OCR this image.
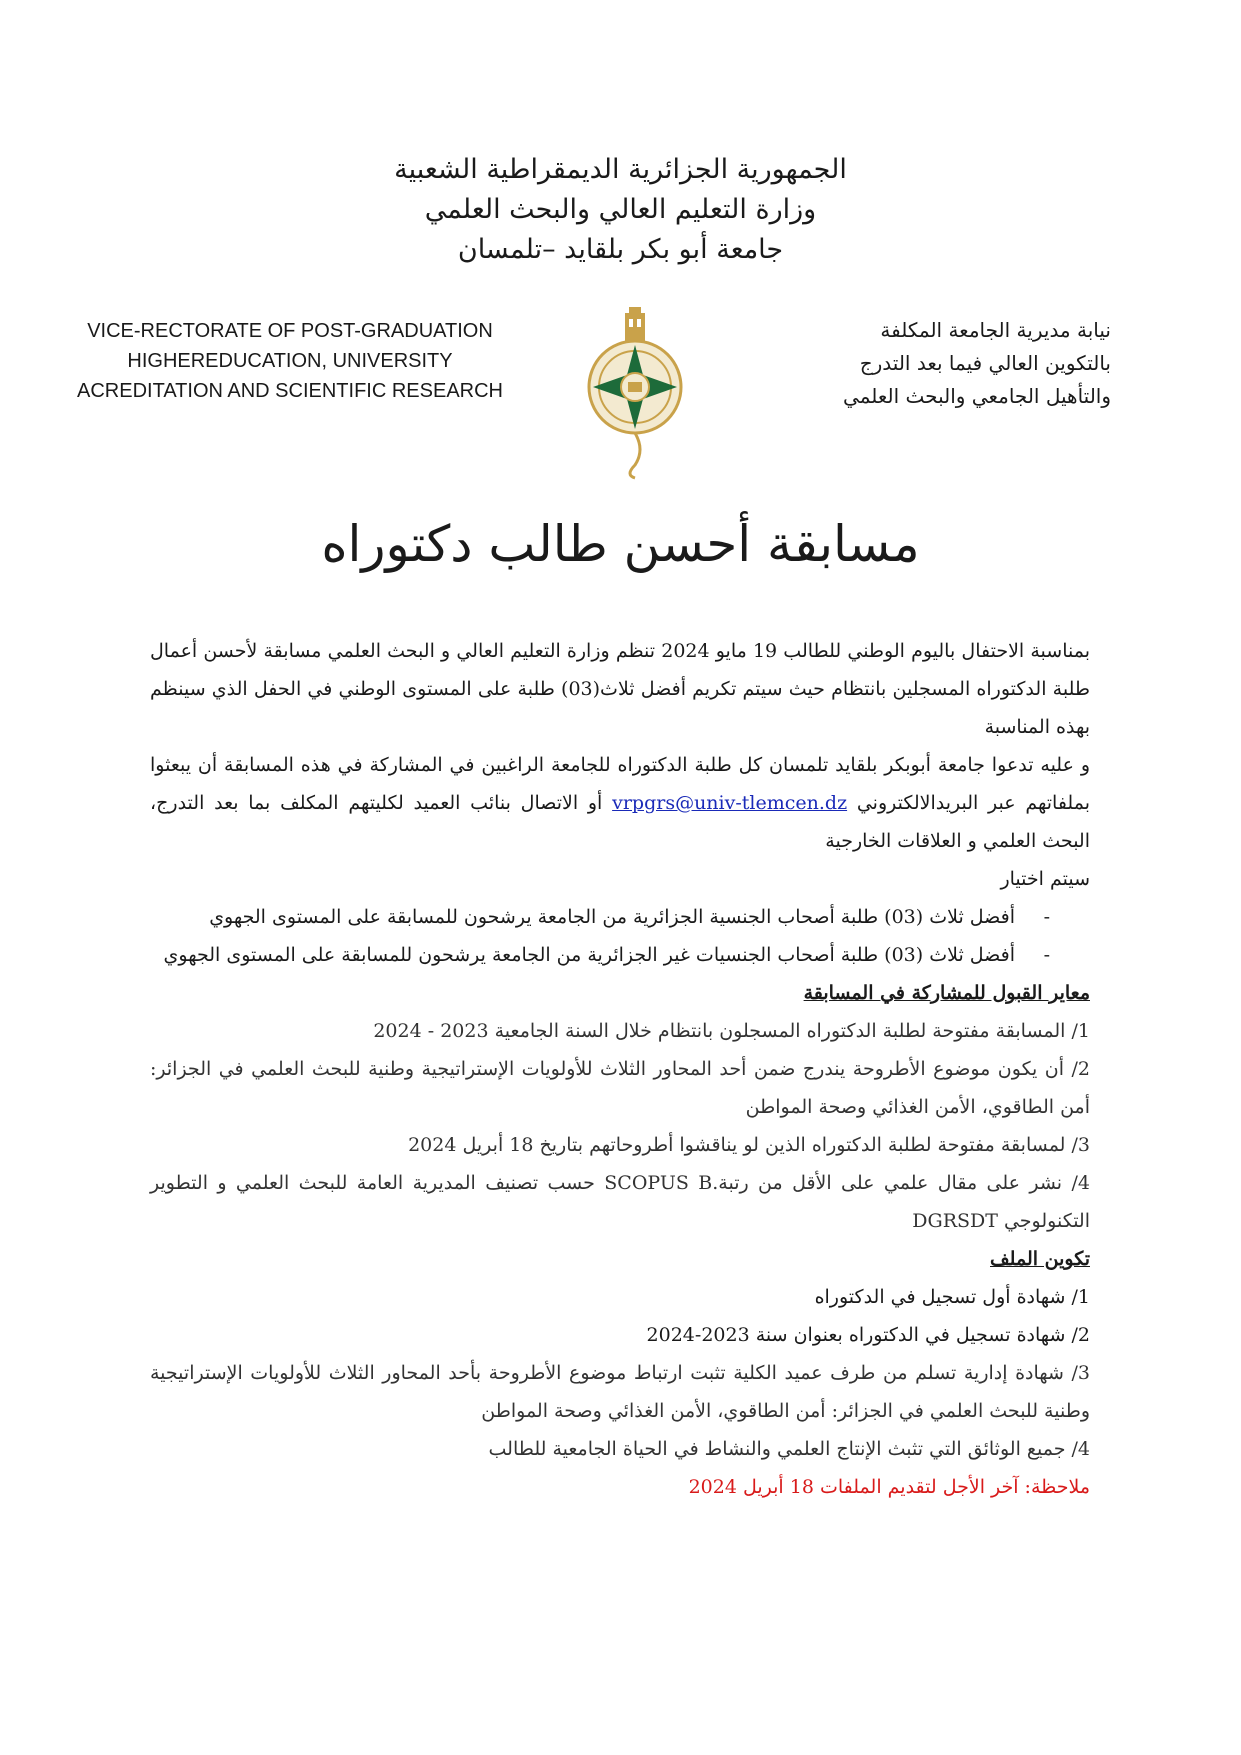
الجمهورية الجزائرية الديمقراطية الشعبية
وزارة التعليم العالي والبحث العلمي
جامعة أبو بكر بلقايد –تلمسان
VICE-RECTORATE OF POST-GRADUATION
HIGHEREDUCATION, UNIVERSITY
ACREDITATION AND SCIENTIFIC RESEARCH
نيابة مديرية الجامعة المكلفة
بالتكوين العالي فيما بعد التدرج
والتأهيل الجامعي والبحث العلمي
مسابقة أحسن طالب دكتوراه

بمناسبة الاحتفال باليوم الوطني للطالب 19 مايو 2024 تنظم وزارة التعليم العالي و البحث العلمي مسابقة لأحسن أعمال طلبة الدكتوراه المسجلين بانتظام حيث سيتم تكريم أفضل ثلاث(03) طلبة على المستوى الوطني في الحفل الذي سينظم بهذه المناسبة

و عليه تدعوا جامعة أبوبكر بلقايد تلمسان كل طلبة الدكتوراه للجامعة الراغبين في المشاركة في هذه المسابقة أن يبعثوا بملفاتهم عبر البريدالالكتروني vrpgrs@univ-tlemcen.dz أو الاتصال بنائب العميد لكليتهم المكلف بما بعد التدرج، البحث العلمي و العلاقات الخارجية

سيتم اختيار

- أفضل ثلاث (03) طلبة أصحاب الجنسية الجزائرية من الجامعة يرشحون للمسابقة على المستوى الجهوي
- أفضل ثلاث (03) طلبة أصحاب الجنسيات غير الجزائرية من الجامعة يرشحون للمسابقة على المستوى الجهوي

معاير القبول للمشاركة في المسابقة

1/ المسابقة مفتوحة لطلبة الدكتوراه المسجلون بانتظام خلال السنة الجامعية 2023 - 2024

2/ أن يكون موضوع الأطروحة يندرج ضمن أحد المحاور الثلاث للأولويات الإستراتيجية وطنية للبحث العلمي في الجزائر: أمن الطاقوي، الأمن الغذائي وصحة المواطن

3/ لمسابقة مفتوحة لطلبة الدكتوراه الذين لو يناقشوا أطروحاتهم بتاريخ 18 أبريل 2024

4/ نشر على مقال علمي على الأقل من رتبة.SCOPUS B حسب تصنيف المديرية العامة للبحث العلمي و التطوير التكنولوجي DGRSDT

تكوين الملف

1/ شهادة أول تسجيل في الدكتوراه

2/ شهادة تسجيل في الدكتوراه بعنوان سنة 2023-2024

3/ شهادة إدارية تسلم من طرف عميد الكلية تثبت ارتباط موضوع الأطروحة بأحد المحاور الثلاث للأولويات الإستراتيجية وطنية للبحث العلمي في الجزائر: أمن الطاقوي، الأمن الغذائي وصحة المواطن

4/ جميع الوثائق التي تثبث الإنتاج العلمي والنشاط في الحياة الجامعية للطالب

ملاحظة: آخر الأجل لتقديم الملفات 18 أبريل 2024
